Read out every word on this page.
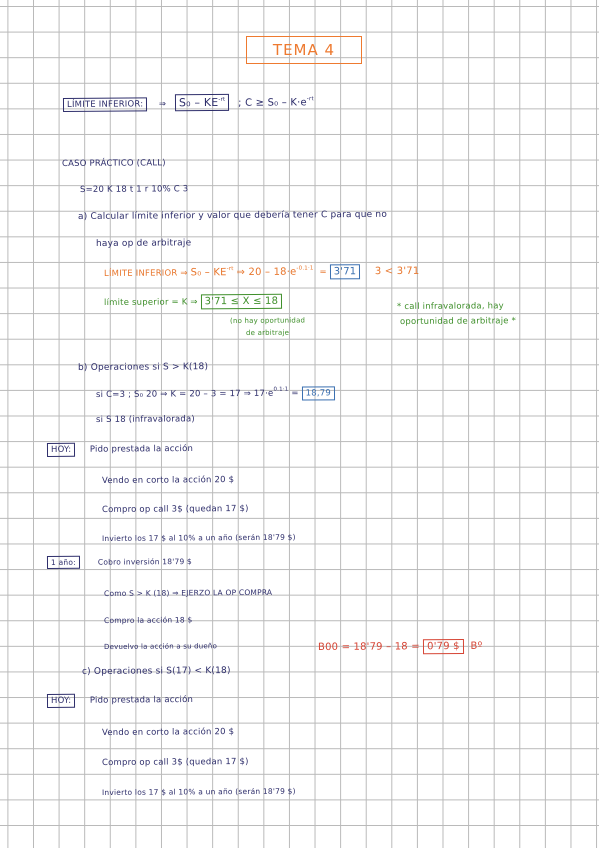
TEMA 4
LÍMITE INFERIOR: ⇒ $S_0 - KE^{-rt}$ ; $C \ge S_0 - K\cdot e^{-rt}$
CASO PRÁCTICO (CALL)
S=20 K 18 t 1 r 10% C 3
a) Calcular límite inferior y valor que debería tener C para que no
haya op de arbitraje
LÍMITE INFERIOR ⇒ $S_0 - KE^{-rt}$ ⇒ $20 - 18\cdot e^{-0.1\cdot 1} = 3'71$ 3 < 3'71
límite superior = K ⇒ 3'71 ≤ X ≤ 18
(no hay oportunidad
de arbitraje
* call infravalorada, hay
oportunidad de arbitraje *
b) Operaciones si S > K(18)
si C=3 ; S₀ 20 ⇒ K = 20 – 3 = 17 ⇒ $17\cdot e^{0.1\cdot 1} = 18,79$
si S 18 (infravalorada)
HOY: Pido prestada la acción
Vendo en corto la acción 20 $
Compro op call 3$ (quedan 17 $)
Invierto los 17 $ al 10% a un año (serán 18'79 $)
1 año:	Cobro inversión 18'79 $
Como S > K (18) ⇒ EJERZO LA OP COMPRA
Compro la acción 18 $
Devuelvo la acción a su dueño	B00 = 18'79 – 18 = 0'79 $ Bº
c) Operaciones si S(17) < K(18)
HOY: Pido prestada la acción
Vendo en corto la acción 20 $
Compro op call 3$ (quedan 17 $)
Invierto los 17 $ al 10% a un año (serán 18'79 $)
